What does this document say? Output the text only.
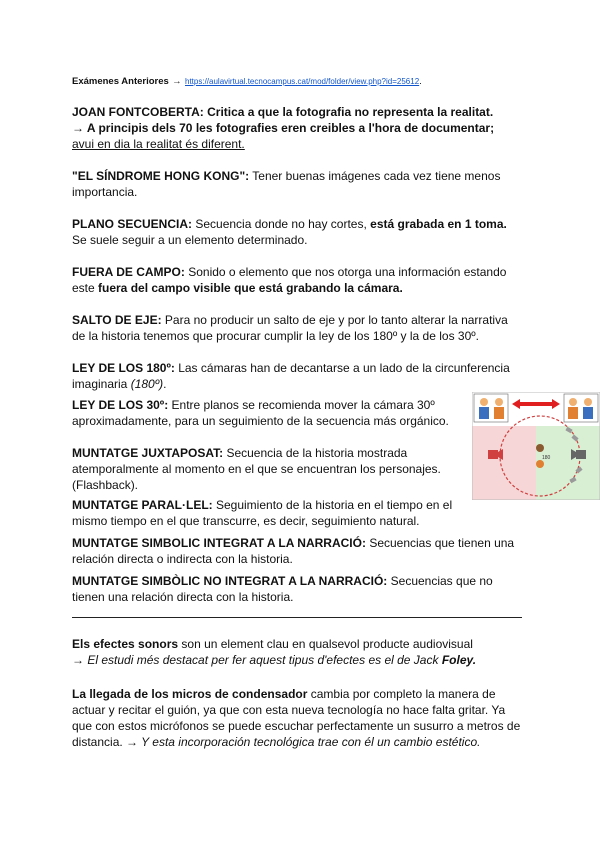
Exámenes Anteriores → https://aulavirtual.tecnocampus.cat/mod/folder/view.php?id=25612.

JOAN FONTCOBERTA: Critica a que la fotografia no representa la realitat.
→ A principis dels 70 les fotografies eren creibles a l'hora de documentar;
avui en dia la realitat és diferent.

"EL SÍNDROME HONG KONG": Tener buenas imágenes cada vez tiene menos importancia.

PLANO SECUENCIA: Secuencia donde no hay cortes, está grabada en 1 toma. Se suele seguir a un elemento determinado.

FUERA DE CAMPO: Sonido o elemento que nos otorga una información estando este fuera del campo visible que está grabando la cámara.

SALTO DE EJE: Para no producir un salto de eje y por lo tanto alterar la narrativa de la historia tenemos que procurar cumplir la ley de los 180º y la de los 30º.

LEY DE LOS 180º: Las cámaras han de decantarse a un lado de la circunferencia imaginaria (180º).

LEY DE LOS 30º: Entre planos se recomienda mover la cámara 30º aproximadamente, para un seguimiento de la secuencia más orgánico.

MUNTATGE JUXTAPOSAT: Secuencia de la historia mostrada atemporalmente al momento en el que se encuentran los personajes. (Flashback).

MUNTATGE PARAL·LEL: Seguimiento de la historia en el tiempo en el mismo tiempo en el que transcurre, es decir, seguimiento natural.

MUNTATGE SIMBOLIC INTEGRAT A LA NARRACIÓ: Secuencias que tienen una relación directa o indirecta con la historia.

MUNTATGE SIMBÒLIC NO INTEGRAT A LA NARRACIÓ: Secuencias que no tienen una relación directa con la historia.

Els efectes sonors son un element clau en qualsevol producte audiovisual
→ El estudi més destacat per fer aquest tipus d'efectes es el de Jack Foley.

La llegada de los micros de condensador cambia por completo la manera de actuar y recitar el guión, ya que con esta nueva tecnología no hace falta gritar. Ya que con estos micrófonos se puede escuchar perfectamente un susurro a metros de distancia. → Y esta incorporación tecnológica trae con él un cambio estético.

180
